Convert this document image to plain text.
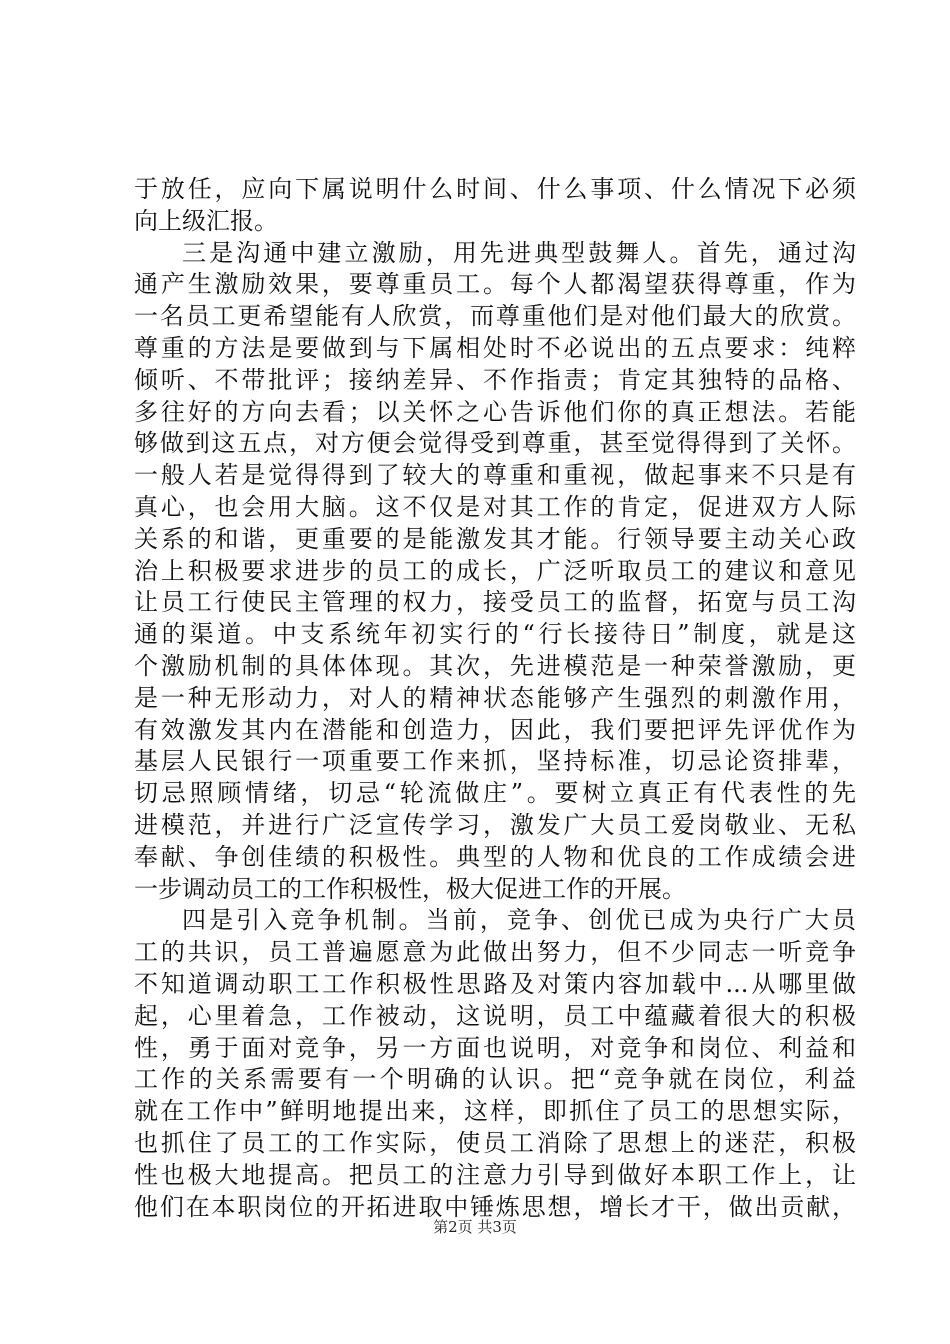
于放任，应向下属说明什么时间、什么事项、什么情况下必须
向上级汇报。
三是沟通中建立激励，用先进典型鼓舞人。首先，通过沟
通产生激励效果，要尊重员工。每个人都渴望获得尊重，作为
一名员工更希望能有人欣赏，而尊重他们是对他们最大的欣赏。
尊重的方法是要做到与下属相处时不必说出的五点要求：纯粹
倾听、不带批评；接纳差异、不作指责；肯定其独特的品格、
多往好的方向去看；以关怀之心告诉他们你的真正想法。若能
够做到这五点，对方便会觉得受到尊重，甚至觉得得到了关怀。
一般人若是觉得得到了较大的尊重和重视，做起事来不只是有
真心，也会用大脑。这不仅是对其工作的肯定，促进双方人际
关系的和谐，更重要的是能激发其才能。行领导要主动关心政
治上积极要求进步的员工的成长，广泛听取员工的建议和意见
让员工行使民主管理的权力，接受员工的监督，拓宽与员工沟
通的渠道。中支系统年初实行的“行长接待日”制度，就是这
个激励机制的具体体现。其次，先进模范是一种荣誉激励，更
是一种无形动力，对人的精神状态能够产生强烈的刺激作用，
有效激发其内在潜能和创造力，因此，我们要把评先评优作为
基层人民银行一项重要工作来抓，坚持标准，切忌论资排辈，
切忌照顾情绪，切忌“轮流做庄”。要树立真正有代表性的先
进模范，并进行广泛宣传学习，激发广大员工爱岗敬业、无私
奉献、争创佳绩的积极性。典型的人物和优良的工作成绩会进
一步调动员工的工作积极性，极大促进工作的开展。
四是引入竞争机制。当前，竞争、创优已成为央行广大员
工的共识，员工普遍愿意为此做出努力，但不少同志一听竞争
不知道调动职工工作积极性思路及对策内容加载中...从哪里做
起，心里着急，工作被动，这说明，员工中蕴藏着很大的积极
性，勇于面对竞争，另一方面也说明，对竞争和岗位、利益和
工作的关系需要有一个明确的认识。把“竞争就在岗位，利益
就在工作中”鲜明地提出来，这样，即抓住了员工的思想实际，
也抓住了员工的工作实际，使员工消除了思想上的迷茫，积极
性也极大地提高。把员工的注意力引导到做好本职工作上，让
他们在本职岗位的开拓进取中锤炼思想，增长才干，做出贡献，
第2页 共3页
